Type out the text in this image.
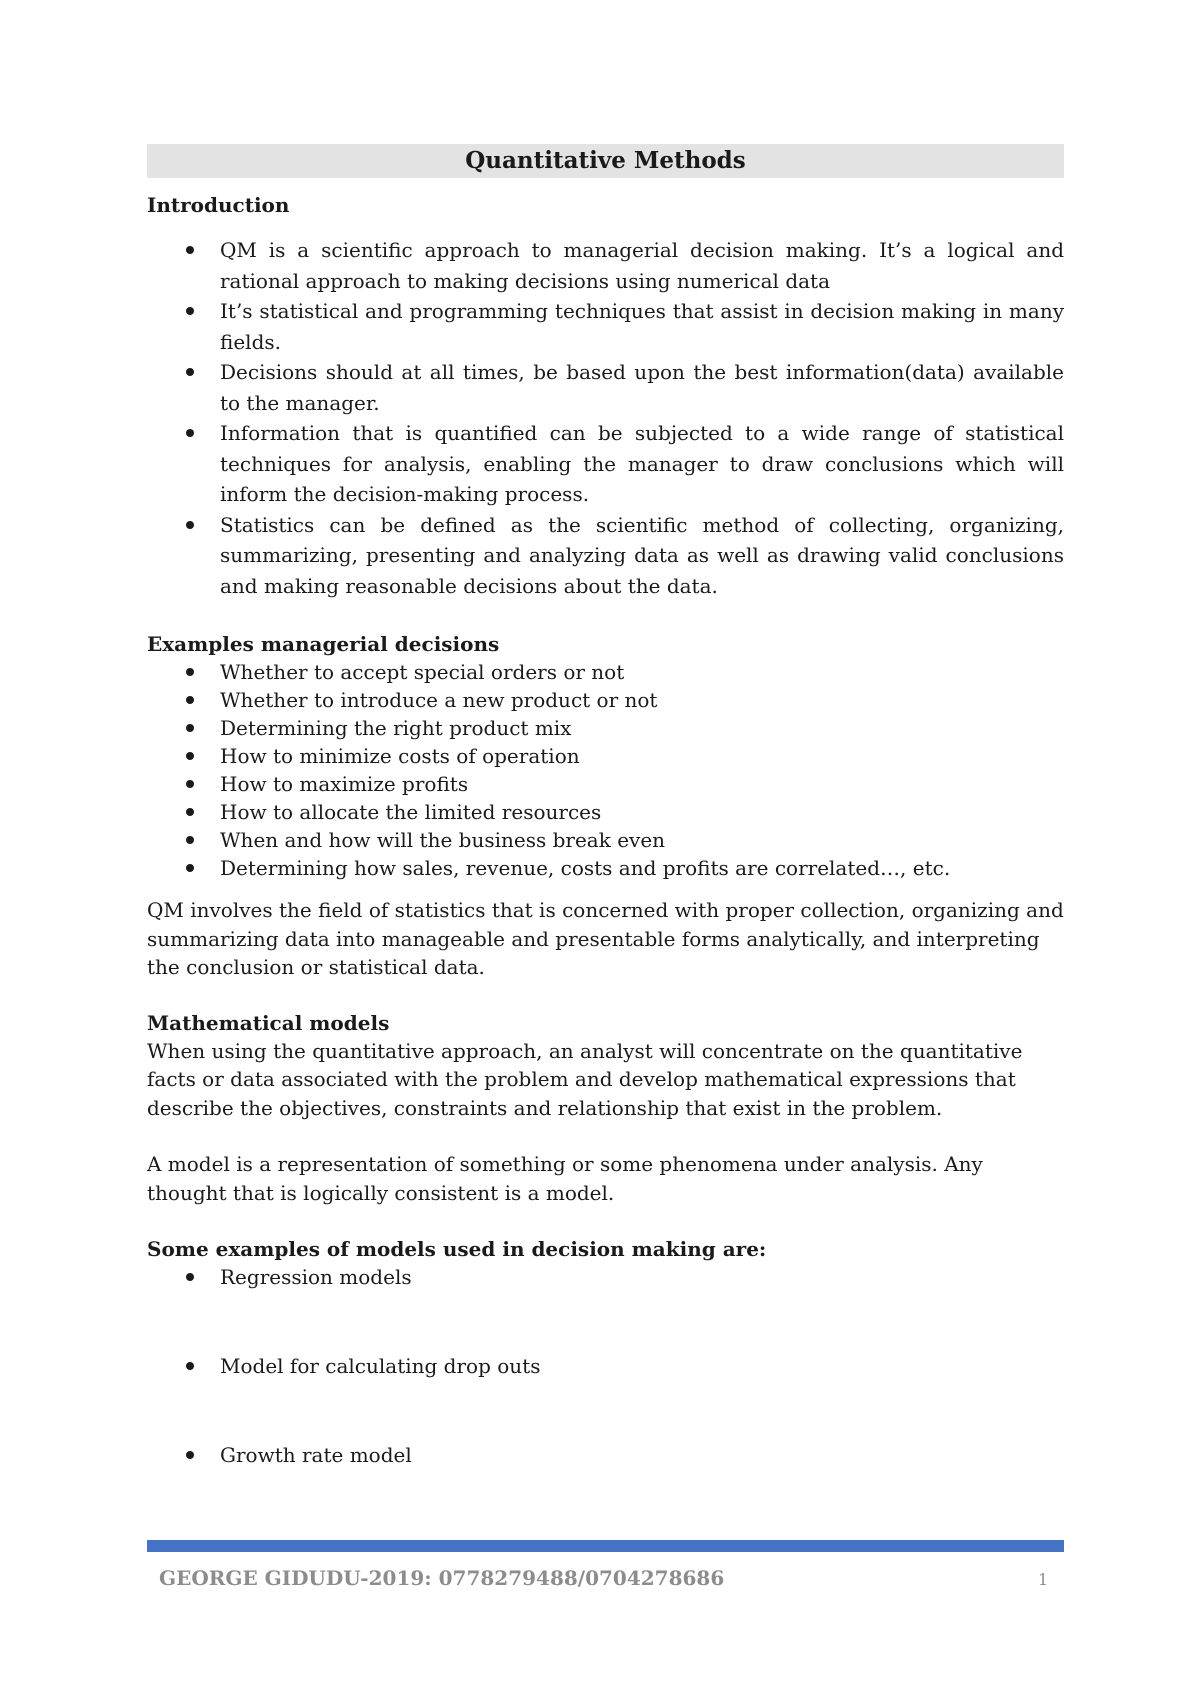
Quantitative Methods
Introduction
QM is a scientific approach to managerial decision making. It’s a logical and rational approach to making decisions using numerical data
It’s statistical and programming techniques that assist in decision making in many fields.
Decisions should at all times, be based upon the best information(data) available to the manager.
Information that is quantified can be subjected to a wide range of statistical techniques for analysis, enabling the manager to draw conclusions which will inform the decision-making process.
Statistics can be defined as the scientific method of collecting, organizing, summarizing, presenting and analyzing data as well as drawing valid conclusions and making reasonable decisions about the data.
Examples managerial decisions
Whether to accept special orders or not
Whether to introduce a new product or not
Determining the right product mix
How to minimize costs of operation
How to maximize profits
How to allocate the limited resources
When and how will the business break even
Determining how sales, revenue, costs and profits are correlated…, etc.

QM involves the field of statistics that is concerned with proper collection, organizing and summarizing data into manageable and presentable forms analytically, and interpreting the conclusion or statistical data.

Mathematical models

When using the quantitative approach, an analyst will concentrate on the quantitative facts or data associated with the problem and develop mathematical expressions that describe the objectives, constraints and relationship that exist in the problem.

A model is a representation of something or some phenomena under analysis. Any thought that is logically consistent is a model.

Some examples of models used in decision making are:
Regression models
Model for calculating drop outs
Growth rate model
GEORGE GIDUDU-2019: 0778279488/0704278686	1
